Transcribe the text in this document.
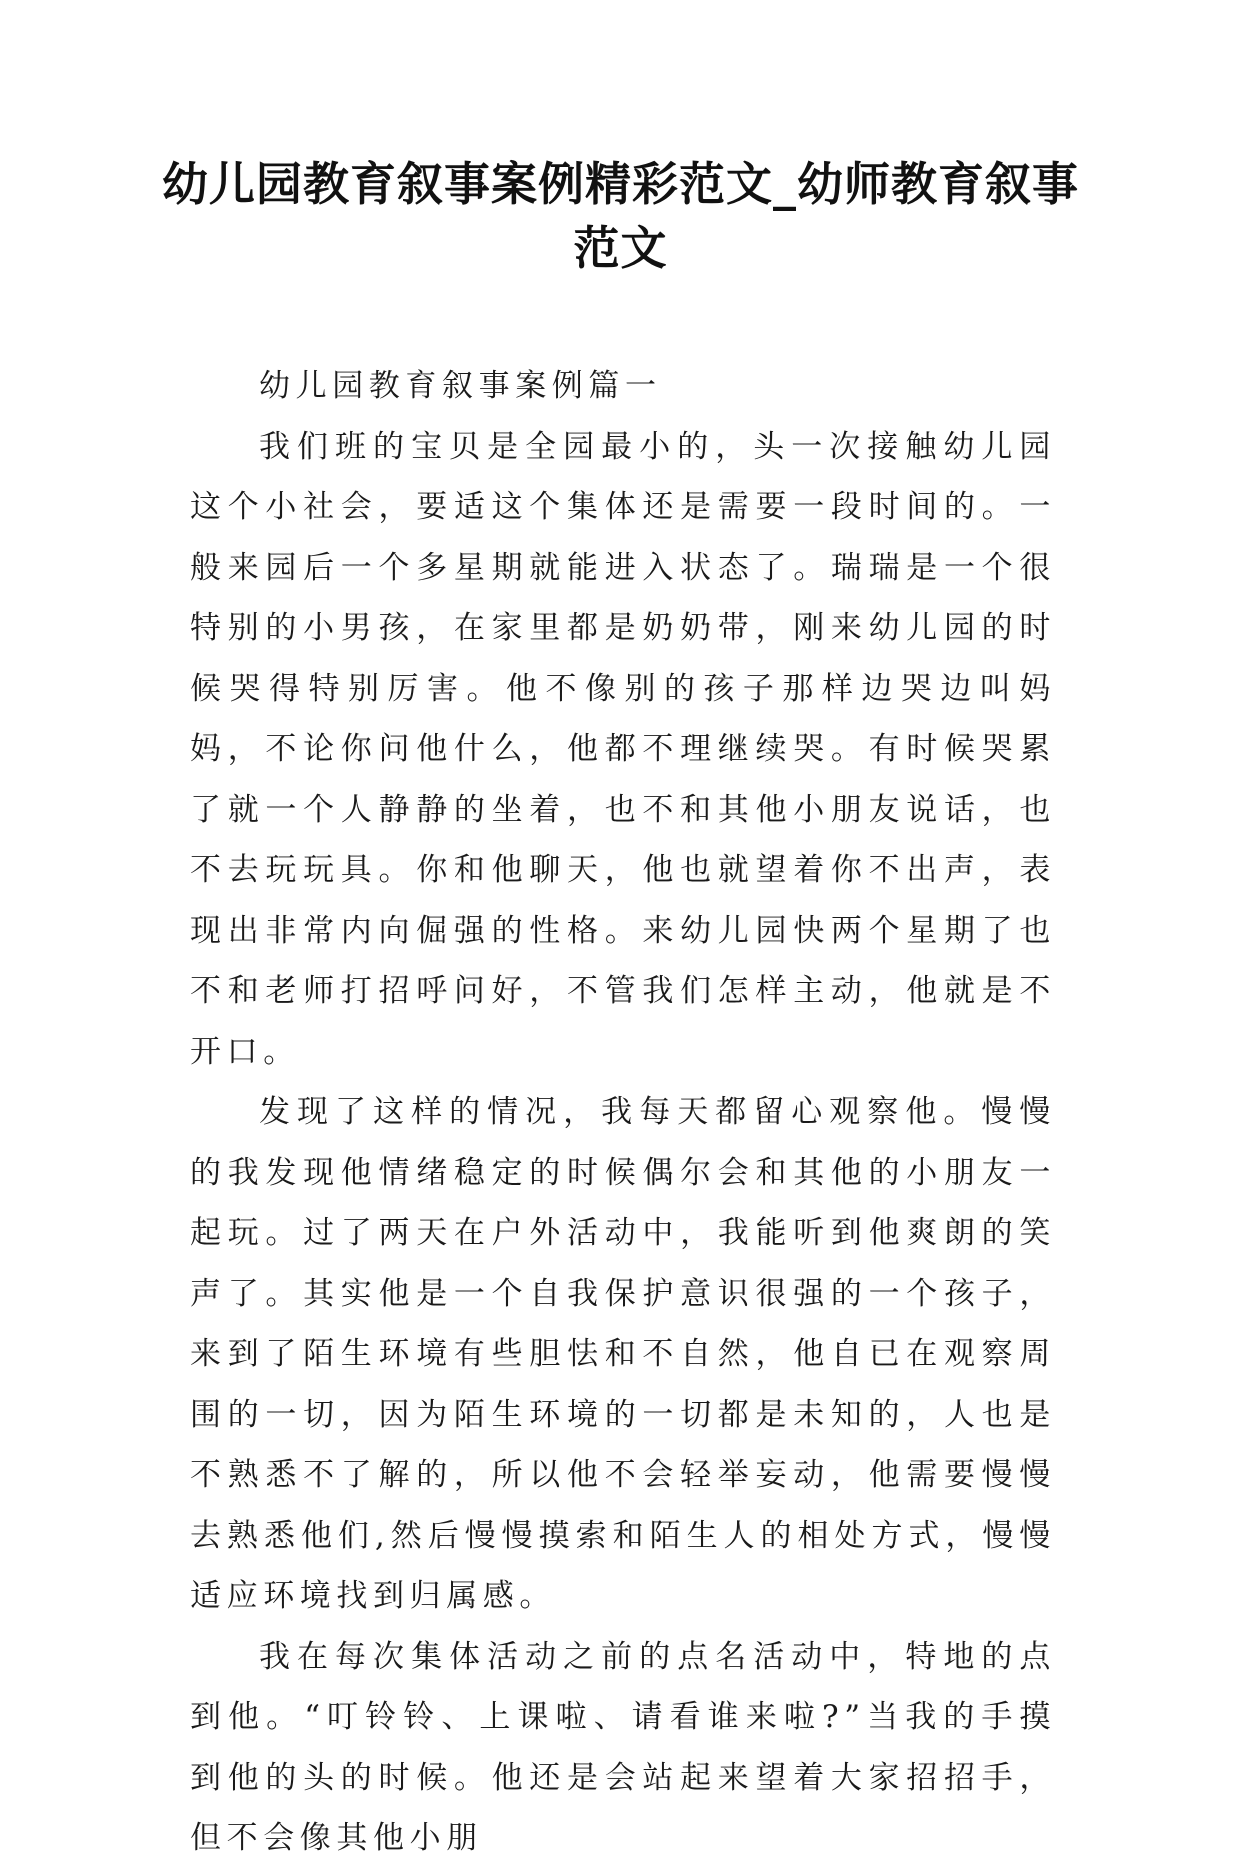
幼儿园教育叙事案例精彩范文_幼师教育叙事范文

幼儿园教育叙事案例篇一

我们班的宝贝是全园最小的，头一次接触幼儿园这个小社会，要适这个集体还是需要一段时间的。一般来园后一个多星期就能进入状态了。瑞瑞是一个很特别的小男孩，在家里都是奶奶带，刚来幼儿园的时候哭得特别厉害。他不像别的孩子那样边哭边叫妈妈，不论你问他什么，他都不理继续哭。有时候哭累了就一个人静静的坐着，也不和其他小朋友说话，也不去玩玩具。你和他聊天，他也就望着你不出声，表现出非常内向倔强的性格。来幼儿园快两个星期了也不和老师打招呼问好，不管我们怎样主动，他就是不开口。

发现了这样的情况，我每天都留心观察他。慢慢的我发现他情绪稳定的时候偶尔会和其他的小朋友一起玩。过了两天在户外活动中，我能听到他爽朗的笑声了。其实他是一个自我保护意识很强的一个孩子，来到了陌生环境有些胆怯和不自然，他自已在观察周围的一切，因为陌生环境的一切都是未知的，人也是不熟悉不了解的，所以他不会轻举妄动，他需要慢慢去熟悉他们,然后慢慢摸索和陌生人的相处方式，慢慢适应环境找到归属感。

我在每次集体活动之前的点名活动中，特地的点到他。“叮铃铃、上课啦、请看谁来啦?”当我的手摸到他的头的时候。他还是会站起来望着大家招招手，但不会像其他小朋
